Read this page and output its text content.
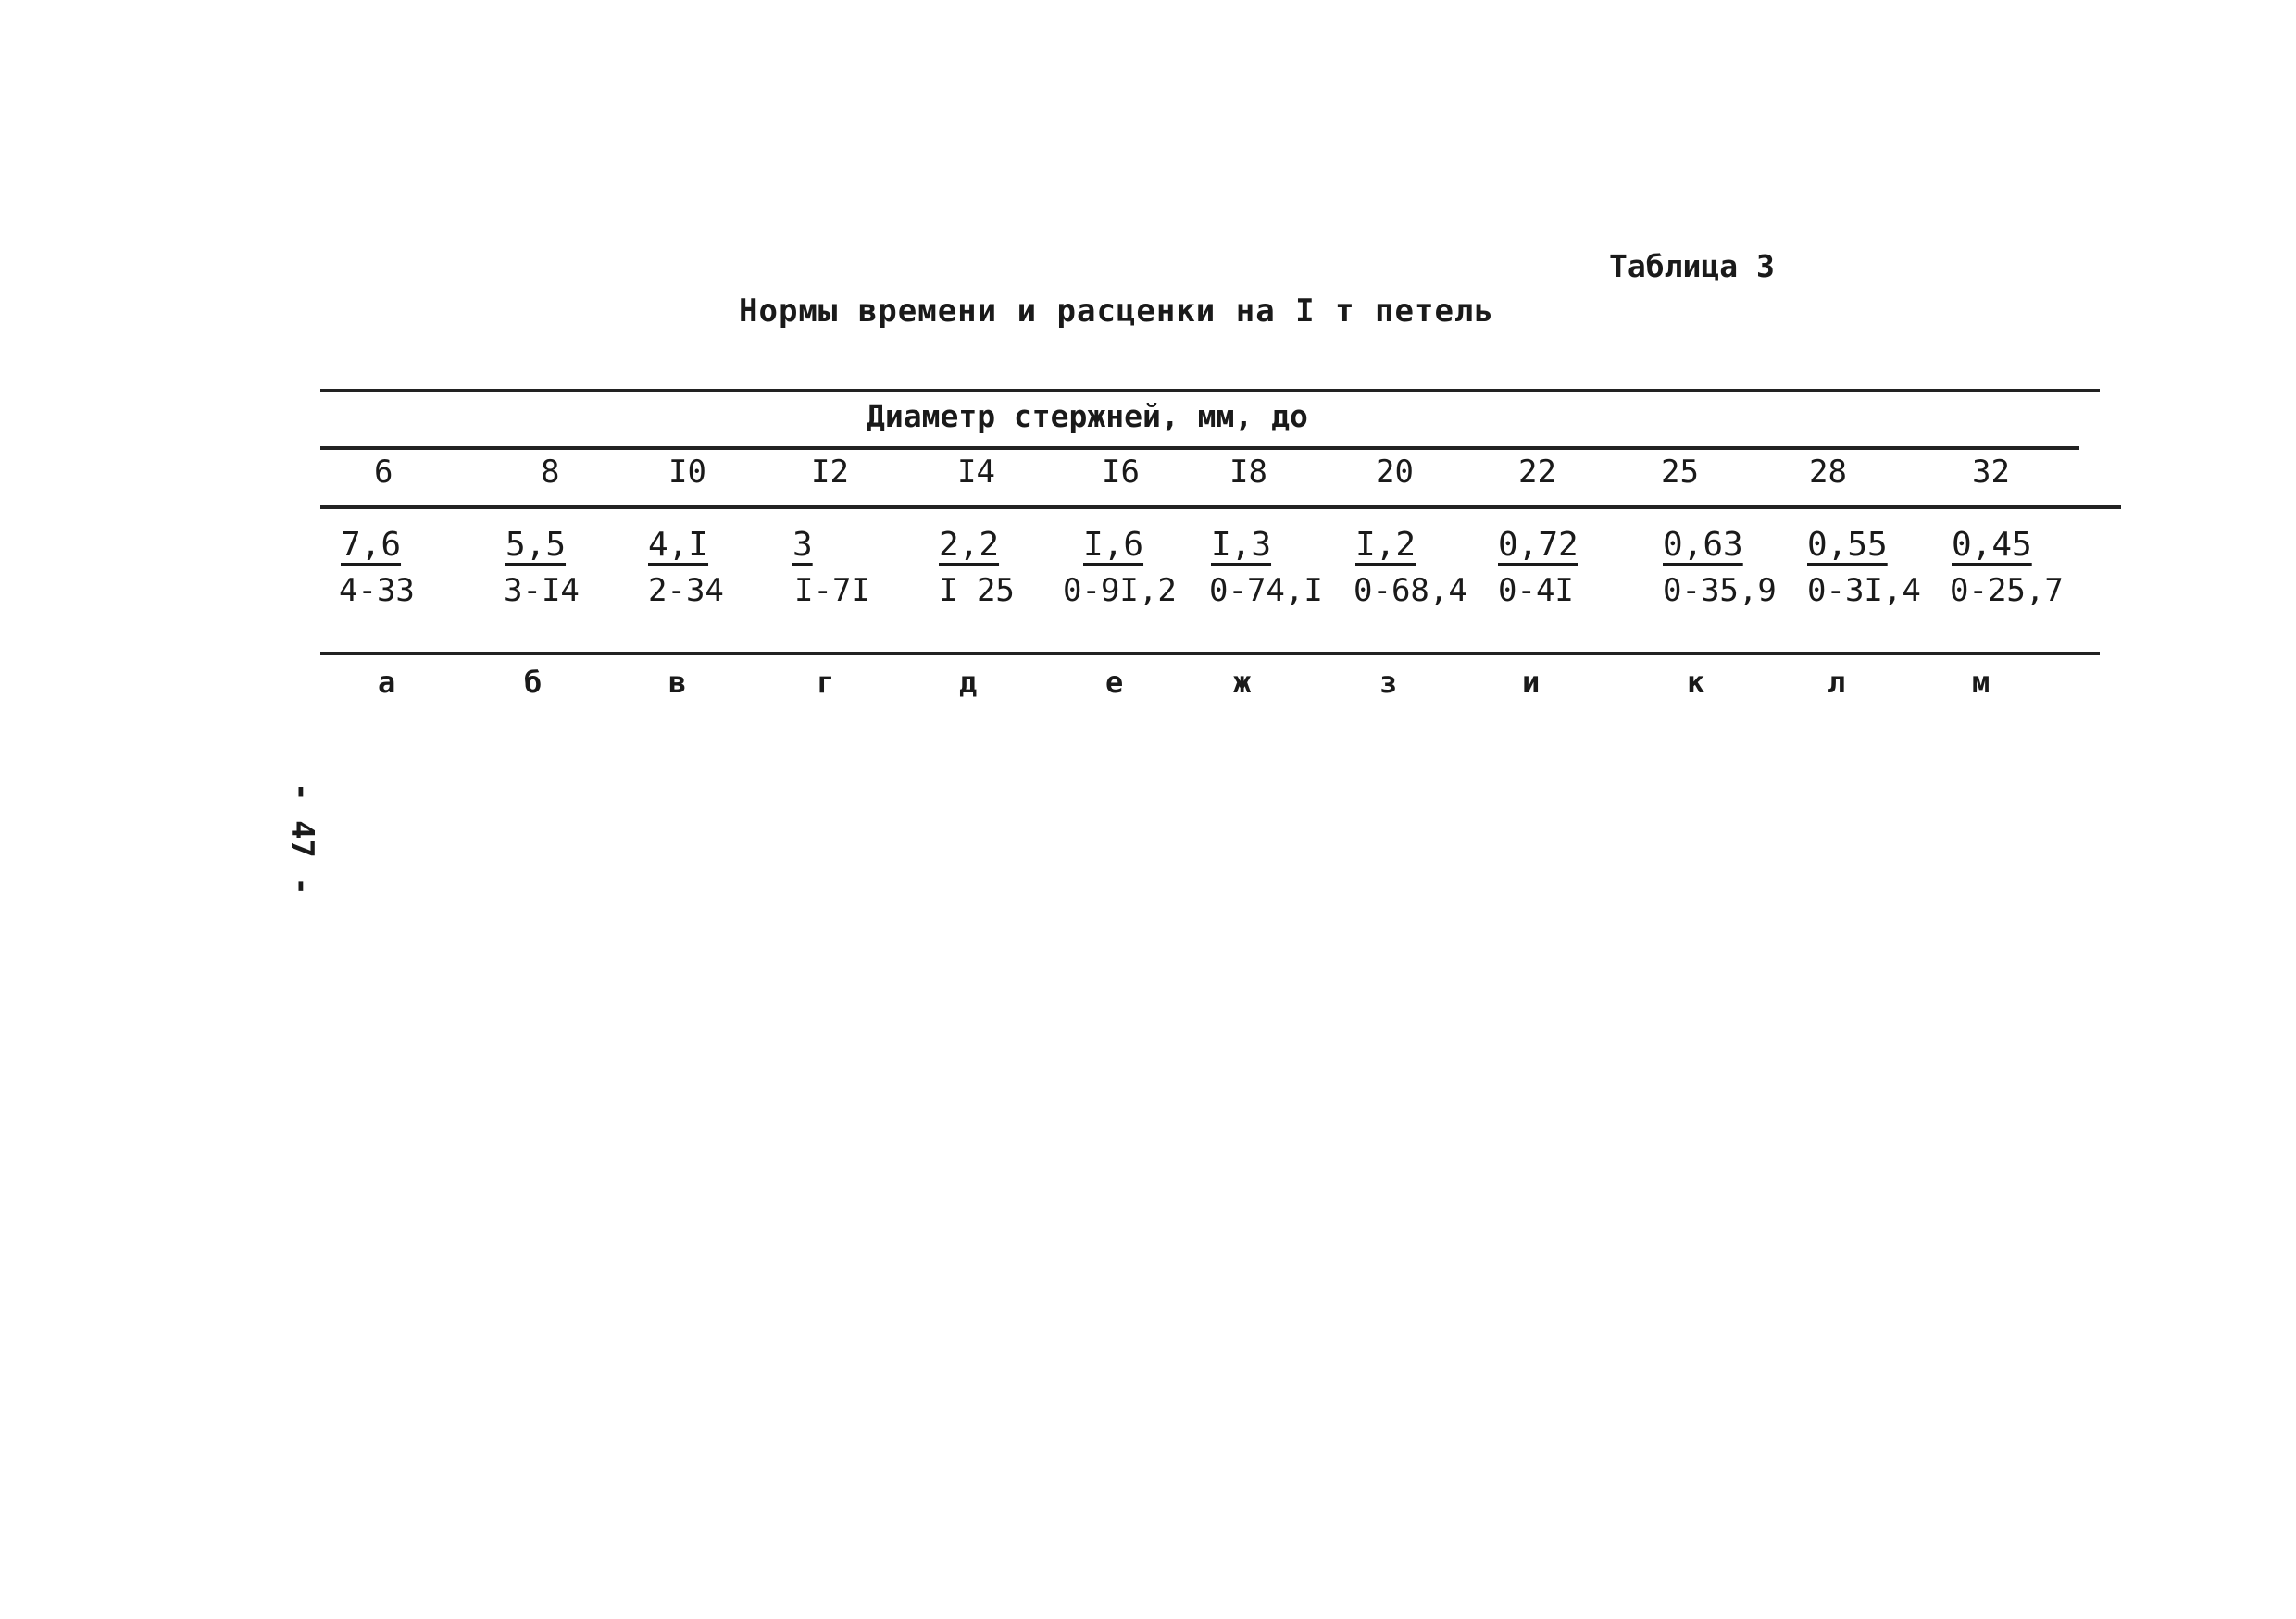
Таблица 3
Нормы времени и расценки на I т петель
Диаметр стержней, мм, до
6
7,6
4-33
а
8
5,5
3-I4
б
I0
4,I
2-34
в
I2
3
I-7I
г
I4
2,2
I 25
д
I6
I,6
0-9I,2
е
I8
I,3
0-74,I
ж
20
I,2
0-68,4
з
22
0,72
0-4I
и
25
0,63
0-35,9
к
28
0,55
0-3I,4
л
32
0,45
0-25,7
м
- 47 -
